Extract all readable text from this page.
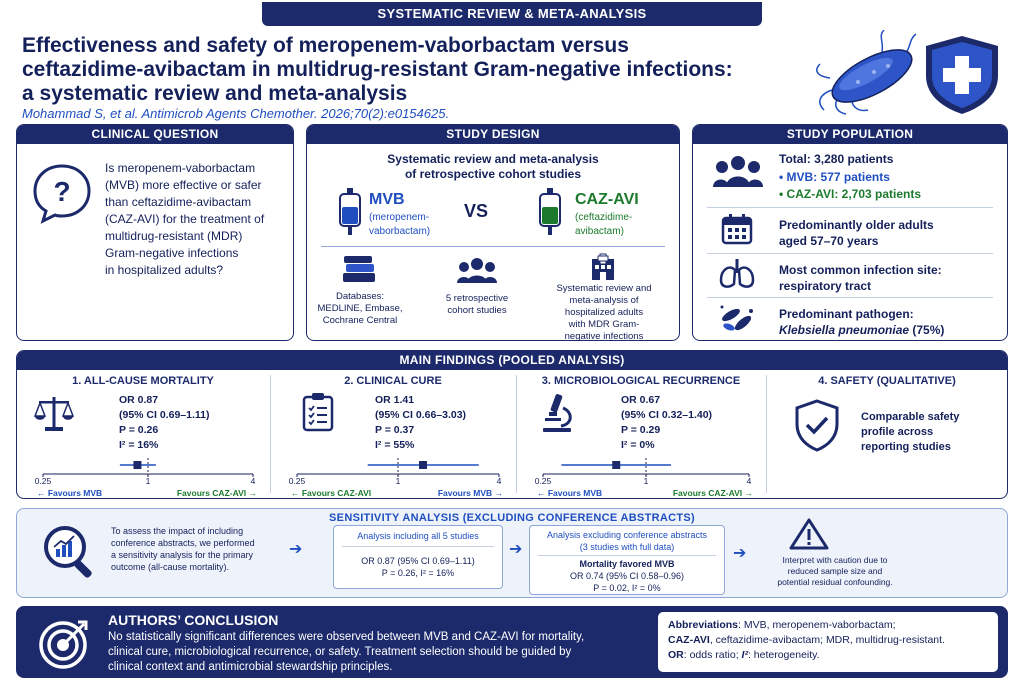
SYSTEMATIC REVIEW & META-ANALYSIS
Effectiveness and safety of meropenem-vaborbactam versus
ceftazidime-avibactam in multidrug-resistant Gram-negative infections:
a systematic review and meta-analysis
Mohammad S, et al. Antimicrob Agents Chemother. 2026;70(2):e0154625.
CLINICAL QUESTION
?
Is meropenem-vaborbactam
(MVB) more effective or safer
than ceftazidime-avibactam
(CAZ-AVI) for the treatment of
multidrug-resistant (MDR)
Gram-negative infections
in hospitalized adults?
STUDY DESIGN
Systematic review and meta-analysis
of retrospective cohort studies
MVB
(meropenem-
vaborbactam)
VS
CAZ-AVI
(ceftazidime-
avibactam)
Databases:
MEDLINE, Embase,
Cochrane Central
5 retrospective
cohort studies
Systematic review and
meta-analysis of
hospitalized adults
with MDR Gram-
negative infections
STUDY POPULATION
Total: 3,280 patients
• MVB: 577 patients
• CAZ-AVI: 2,703 patients
Predominantly older adults
aged 57–70 years
Most common infection site:
respiratory tract
Predominant pathogen:
Klebsiella pneumoniae (75%)
MAIN FINDINGS (POOLED ANALYSIS)
1. ALL-CAUSE MORTALITY
OR 0.87
(95% CI 0.69–1.11)
P = 0.26
I² = 16%
0.25	1	4
← Favours MVB	Favours CAZ-AVI →
2. CLINICAL CURE
OR 1.41
(95% CI 0.66–3.03)
P = 0.37
I² = 55%
0.25	1	4
← Favours CAZ-AVI	Favours MVB →
3. MICROBIOLOGICAL RECURRENCE
OR 0.67
(95% CI 0.32–1.40)
P = 0.29
I² = 0%
0.25	1	4
← Favours MVB	Favours CAZ-AVI →
4. SAFETY (QUALITATIVE)
Comparable safety
profile across
reporting studies
SENSITIVITY ANALYSIS (EXCLUDING CONFERENCE ABSTRACTS)
To assess the impact of including
conference abstracts, we performed
a sensitivity analysis for the primary
outcome (all-cause mortality).
➔
Analysis including all 5 studies
OR 0.87 (95% CI 0.69–1.11)
P = 0.26, I² = 16%
➔
Analysis excluding conference abstracts
(3 studies with full data)
Mortality favored MVB
OR 0.74 (95% CI 0.58–0.96)
P = 0.02, I² = 0%
➔	Interpret with caution due to
reduced sample size and
potential residual confounding.
AUTHORS’ CONCLUSION
No statistically significant differences were observed between MVB and CAZ-AVI for mortality,
clinical cure, microbiological recurrence, or safety. Treatment selection should be guided by
clinical context and antimicrobial stewardship principles.
Abbreviations: MVB, meropenem-vaborbactam;
CAZ-AVI, ceftazidime-avibactam; MDR, multidrug-resistant.
OR: odds ratio; I²: heterogeneity.
